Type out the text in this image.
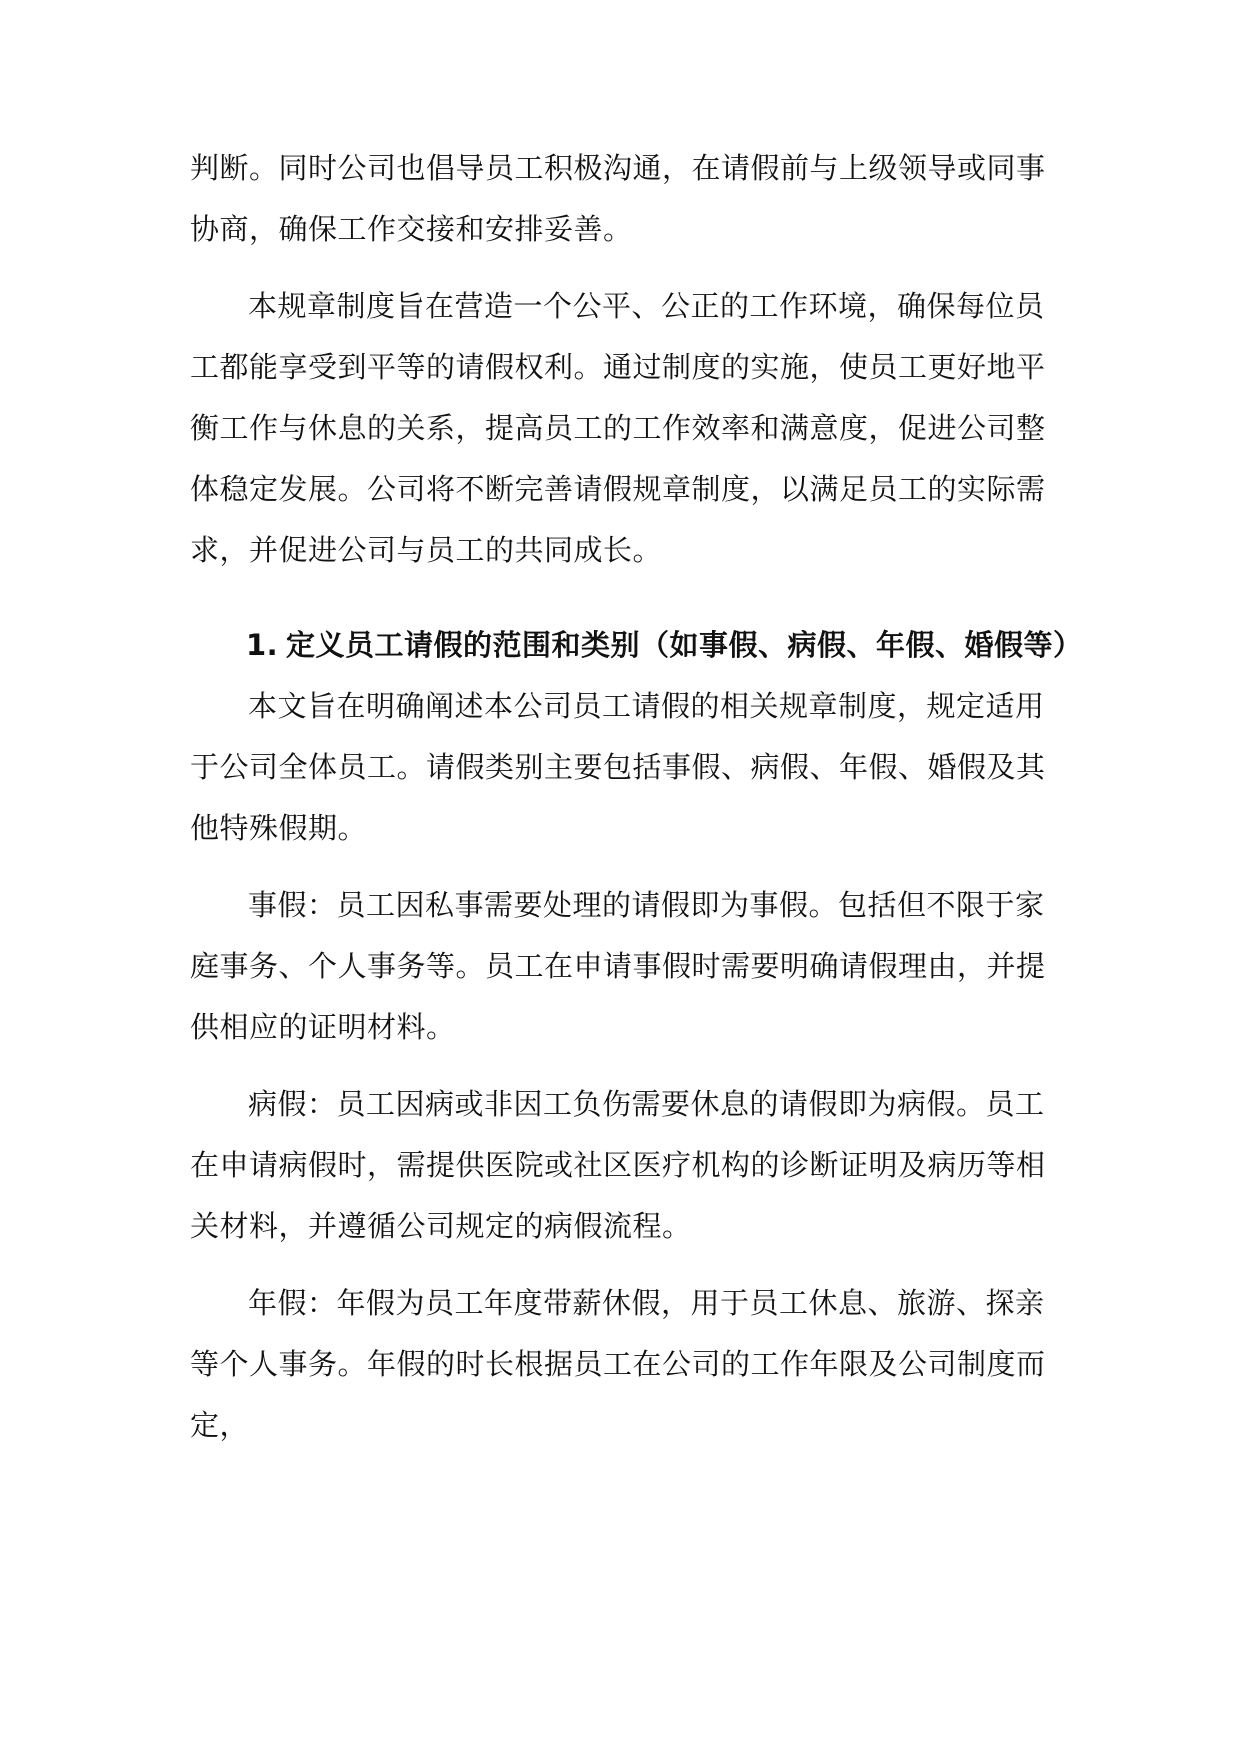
判断。同时公司也倡导员工积极沟通，在请假前与上级领导或同事协商，确保工作交接和安排妥善。

本规章制度旨在营造一个公平、公正的工作环境，确保每位员工都能享受到平等的请假权利。通过制度的实施，使员工更好地平衡工作与休息的关系，提高员工的工作效率和满意度，促进公司整体稳定发展。公司将不断完善请假规章制度，以满足员工的实际需求，并促进公司与员工的共同成长。

1. 定义员工请假的范围和类别（如事假、病假、年假、婚假等）

本文旨在明确阐述本公司员工请假的相关规章制度，规定适用于公司全体员工。请假类别主要包括事假、病假、年假、婚假及其他特殊假期。

事假：员工因私事需要处理的请假即为事假。包括但不限于家庭事务、个人事务等。员工在申请事假时需要明确请假理由，并提供相应的证明材料。

病假：员工因病或非因工负伤需要休息的请假即为病假。员工在申请病假时，需提供医院或社区医疗机构的诊断证明及病历等相关材料，并遵循公司规定的病假流程。

年假：年假为员工年度带薪休假，用于员工休息、旅游、探亲等个人事务。年假的时长根据员工在公司的工作年限及公司制度而定，
